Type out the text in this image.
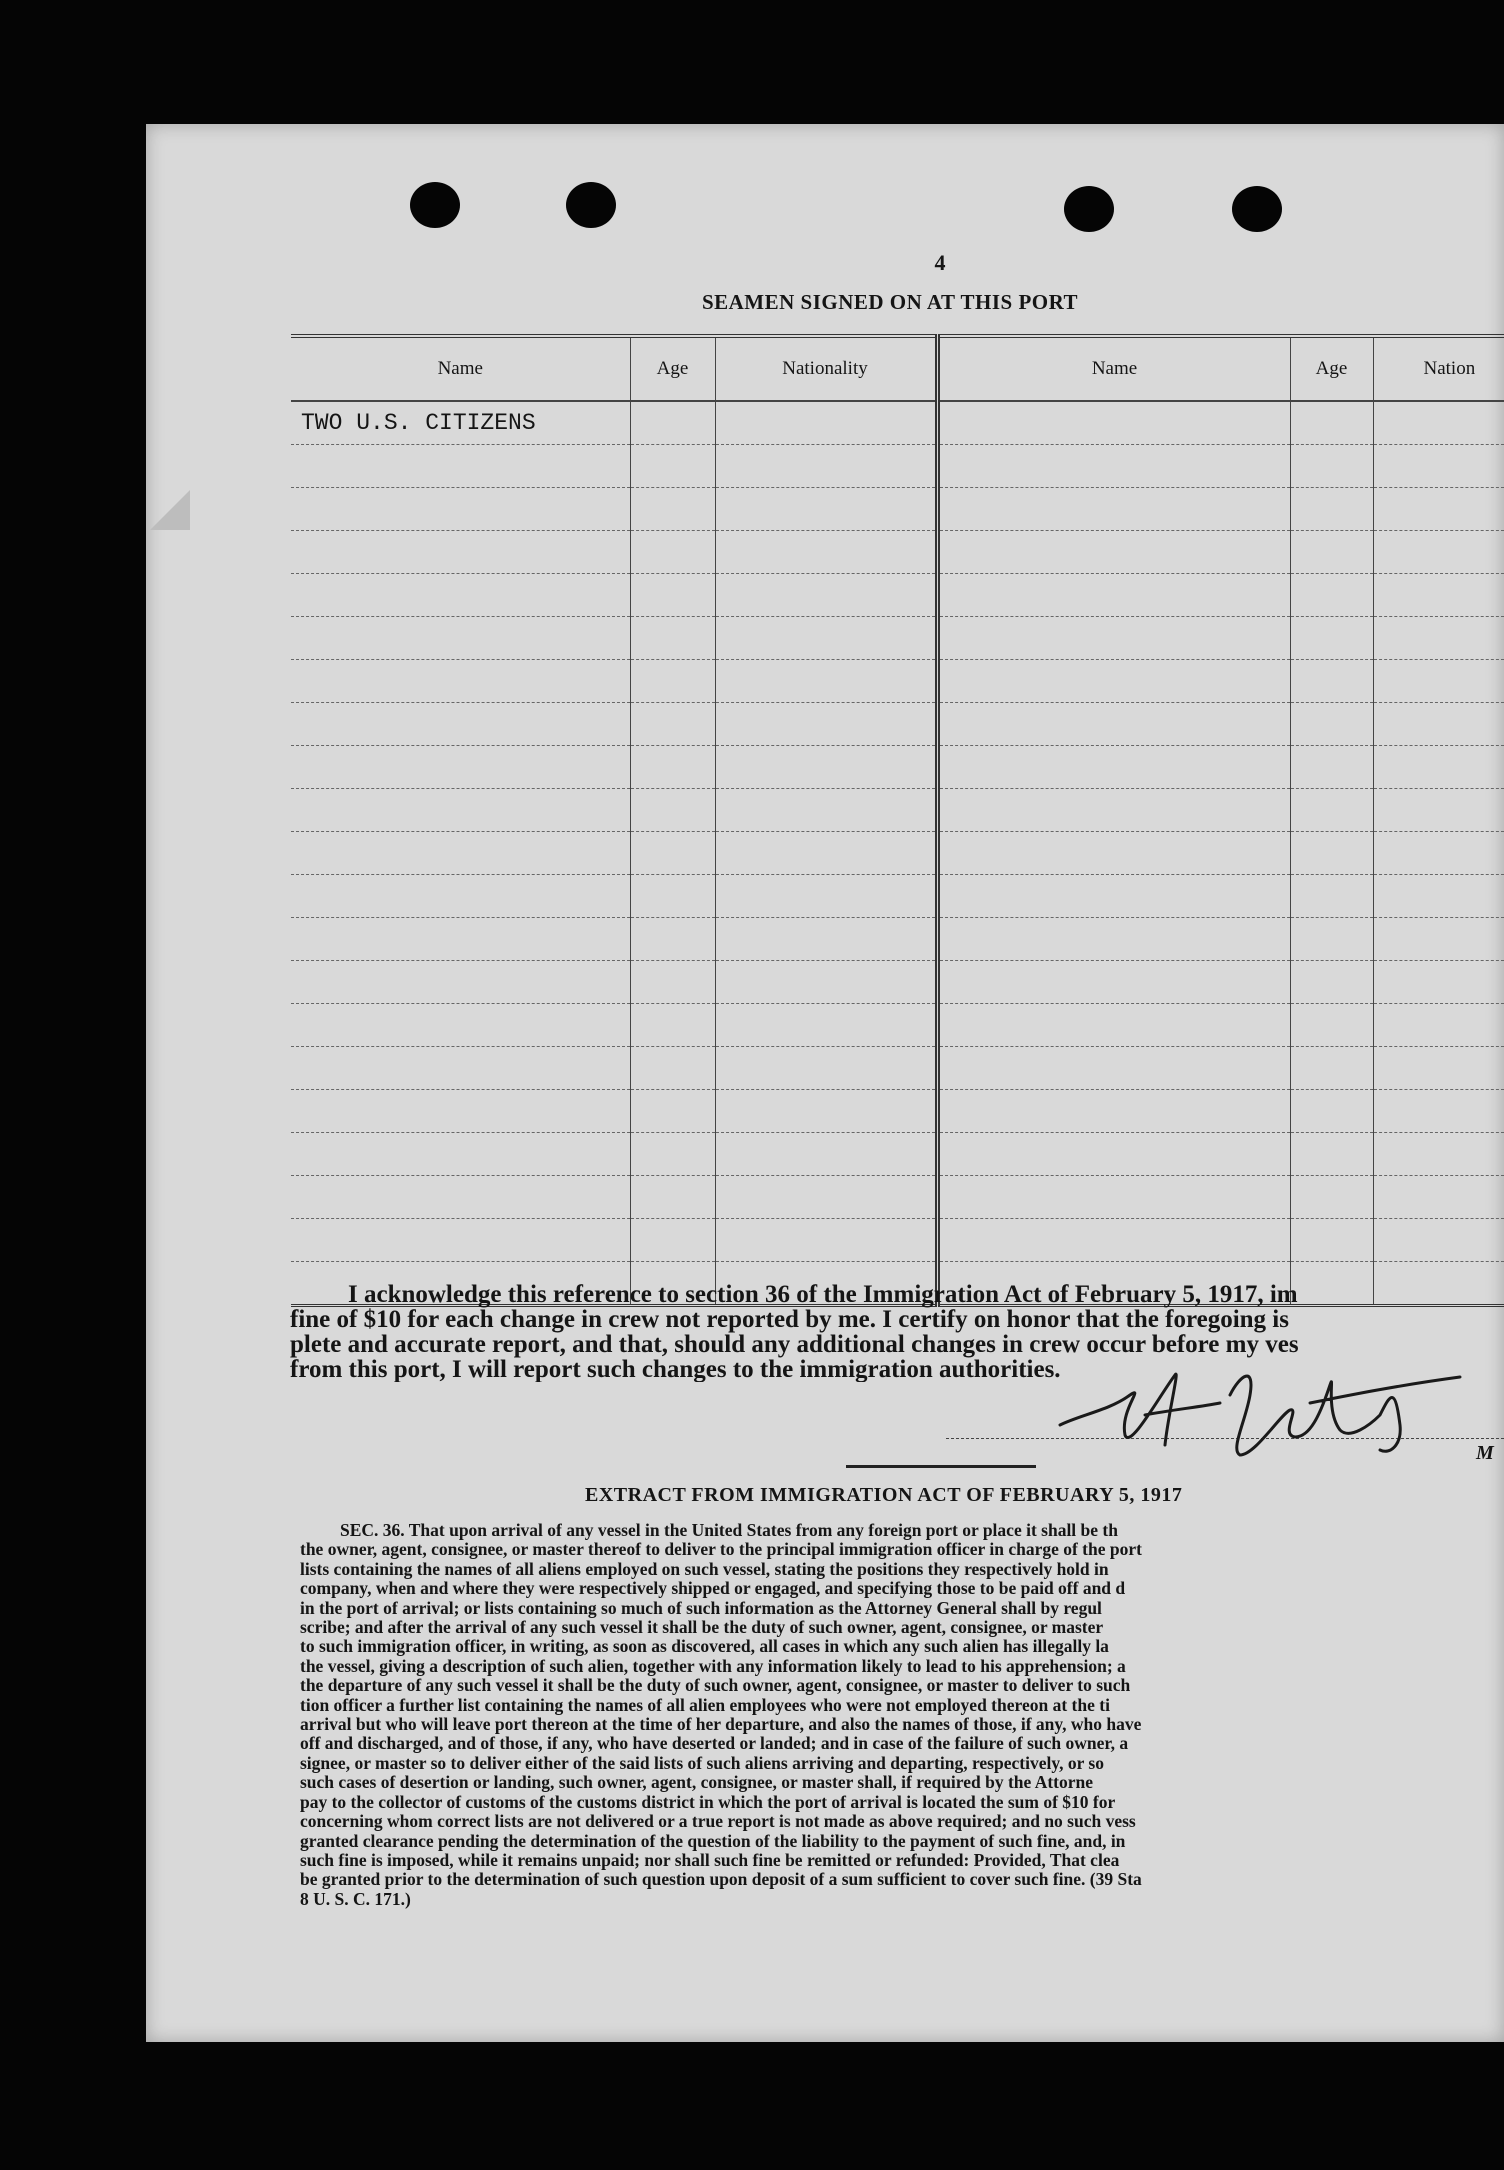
4
SEAMEN SIGNED ON AT THIS PORT
Name	Age	Nationality	Name	Age	Nation
TWO U.S. CITIZENS					

I acknowledge this reference to section 36 of the Immigration Act of February 5, 1917, im

fine of $10 for each change in crew not reported by me. I certify on honor that the foregoing is

plete and accurate report, and that, should any additional changes in crew occur before my ves

from this port, I will report such changes to the immigration authorities.

M
EXTRACT FROM IMMIGRATION ACT OF FEBRUARY 5, 1917

SEC. 36. That upon arrival of any vessel in the United States from any foreign port or place it shall be th

the owner, agent, consignee, or master thereof to deliver to the principal immigration officer in charge of the port

lists containing the names of all aliens employed on such vessel, stating the positions they respectively hold in

company, when and where they were respectively shipped or engaged, and specifying those to be paid off and d

in the port of arrival; or lists containing so much of such information as the Attorney General shall by regul

scribe; and after the arrival of any such vessel it shall be the duty of such owner, agent, consignee, or master

to such immigration officer, in writing, as soon as discovered, all cases in which any such alien has illegally la

the vessel, giving a description of such alien, together with any information likely to lead to his apprehension; a

the departure of any such vessel it shall be the duty of such owner, agent, consignee, or master to deliver to such

tion officer a further list containing the names of all alien employees who were not employed thereon at the ti

arrival but who will leave port thereon at the time of her departure, and also the names of those, if any, who have

off and discharged, and of those, if any, who have deserted or landed; and in case of the failure of such owner, a

signee, or master so to deliver either of the said lists of such aliens arriving and departing, respectively, or so

such cases of desertion or landing, such owner, agent, consignee, or master shall, if required by the Attorne

pay to the collector of customs of the customs district in which the port of arrival is located the sum of $10 for

concerning whom correct lists are not delivered or a true report is not made as above required; and no such vess

granted clearance pending the determination of the question of the liability to the payment of such fine, and, in

such fine is imposed, while it remains unpaid; nor shall such fine be remitted or refunded: Provided, That clea

be granted prior to the determination of such question upon deposit of a sum sufficient to cover such fine. (39 Sta

8 U. S. C. 171.)
